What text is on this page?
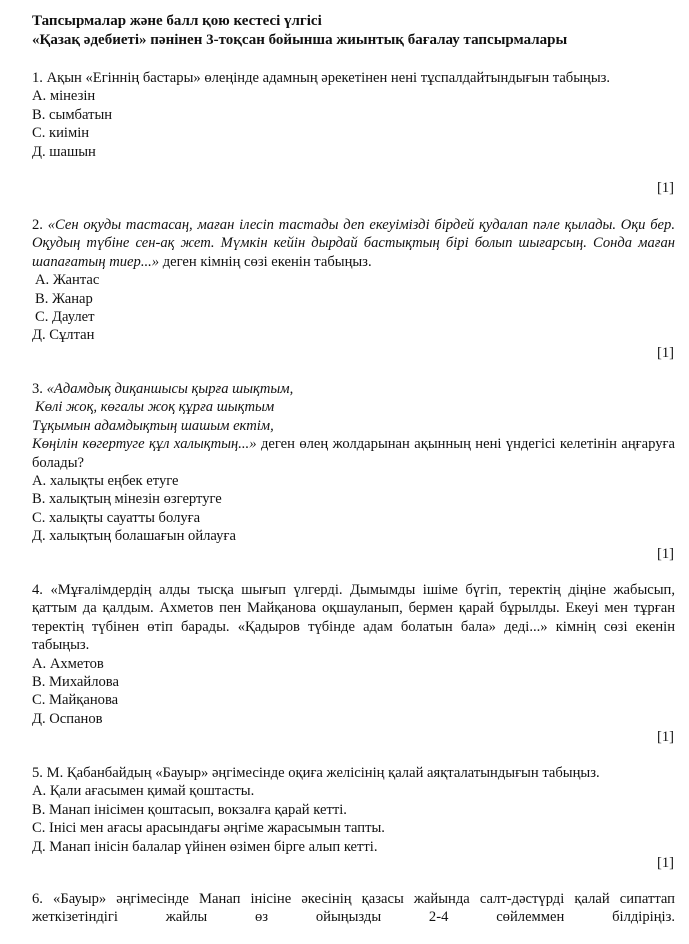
Тапсырмалар және балл қою кестесі үлгісі
«Қазақ әдебиеті» пәнінен 3-тоқсан бойынша жиынтық бағалау тапсырмалары
1. Ақын «Егіннің бастары» өлеңінде адамның әрекетінен нені тұспалдайтындығын табыңыз.
А. мінезін
В. сымбатын
С. киімін
Д. шашын
[1]
2. «Сен оқуды тастасаң, маған ілесіп тастады деп екеуімізді бірдей қудалап пәле қылады. Оқи бер. Оқудың түбіне сен-ақ жет. Мүмкін кейін дырдай бастықтың бірі болып шығарсың. Сонда маған шапағатың тиер...» деген кімнің сөзі екенін табыңыз.
А. Жантас
В. Жанар
С. Даулет
Д. Сұлтан
[1]
3. «Адамдық диқаншысы қырға шықтым,
Көлі жоқ, көгалы жоқ құрға шықтым
Тұқымын адамдықтың шашым ектім,
Көңілін көгертуге құл халықтың...» деген өлең жолдарынан ақынның нені үндегісі келетінін аңғаруға болады?
А. халықты еңбек етуге
В. халықтың мінезін өзгертуге
С. халықты сауатты болуға
Д. халықтың болашағын ойлауға
[1]
4. «Мұғалімдердің алды тысқа шығып үлгерді. Дымымды ішіме бүгіп, теректің діңіне жабысып, қаттым да қалдым. Ахметов пен Майқанова оқшауланып, бермен қарай бұрылды. Екеуі мен тұрған теректің түбінен өтіп барады. «Қадыров түбінде адам болатын бала» деді...» кімнің сөзі екенін табыңыз.
А. Ахметов
В. Михайлова
С. Майқанова
Д. Оспанов
[1]
5. М. Қабанбайдың «Бауыр» әңгімесінде оқиға желісінің қалай аяқталатындығын табыңыз.
А. Қали ағасымен қимай қоштасты.
В. Манап інісімен қоштасып, вокзалға қарай кетті.
С. Інісі мен ағасы арасындағы әңгіме жарасымын тапты.
Д. Манап інісін балалар үйінен өзімен бірге алып кетті.
[1]
6. «Бауыр» әңгімесінде Манап інісіне әкесінің қазасы жайында салт-дәстүрді қалай сипаттап жеткізетіндігі жайлы өз ойыңызды 2-4 сөйлеммен білдіріңіз.
